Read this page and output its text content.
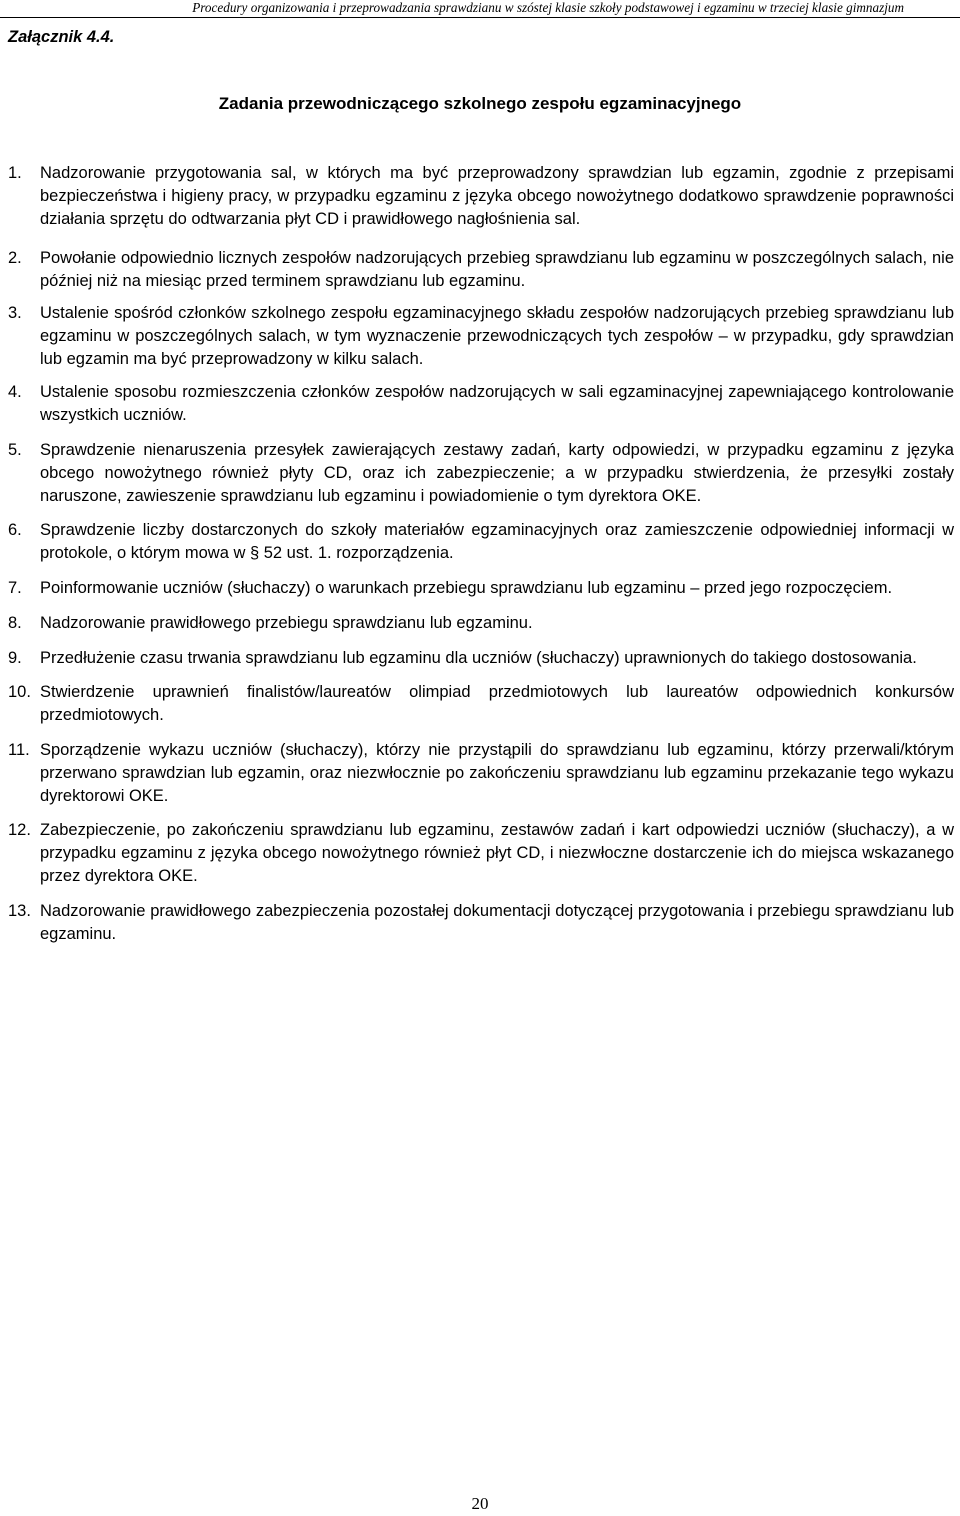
Procedury organizowania i przeprowadzania sprawdzianu w szóstej klasie szkoły podstawowej i egzaminu w trzeciej klasie gimnazjum
Załącznik 4.4.
Zadania przewodniczącego szkolnego zespołu egzaminacyjnego
1. Nadzorowanie przygotowania sal, w których ma być przeprowadzony sprawdzian lub egzamin, zgodnie z przepisami bezpieczeństwa i higieny pracy, w przypadku egzaminu z języka obcego nowożytnego dodatkowo sprawdzenie poprawności działania sprzętu do odtwarzania płyt CD i prawidłowego nagłośnienia sal.
2. Powołanie odpowiednio licznych zespołów nadzorujących przebieg sprawdzianu lub egzaminu w poszczególnych salach, nie później niż na miesiąc przed terminem sprawdzianu lub egzaminu.
3. Ustalenie spośród członków szkolnego zespołu egzaminacyjnego składu zespołów nadzorujących przebieg sprawdzianu lub egzaminu w poszczególnych salach, w tym wyznaczenie przewodniczących tych zespołów – w przypadku, gdy sprawdzian lub egzamin ma być przeprowadzony w kilku salach.
4. Ustalenie sposobu rozmieszczenia członków zespołów nadzorujących w sali egzaminacyjnej zapewniającego kontrolowanie wszystkich uczniów.
5. Sprawdzenie nienaruszenia przesyłek zawierających zestawy zadań, karty odpowiedzi, w przypadku egzaminu z języka obcego nowożytnego również płyty CD, oraz ich zabezpieczenie; a w przypadku stwierdzenia, że przesyłki zostały naruszone, zawieszenie sprawdzianu lub egzaminu i powiadomienie o tym dyrektora OKE.
6. Sprawdzenie liczby dostarczonych do szkoły materiałów egzaminacyjnych oraz zamieszczenie odpowiedniej informacji w protokole, o którym mowa w § 52 ust. 1. rozporządzenia.
7. Poinformowanie uczniów (słuchaczy) o warunkach przebiegu sprawdzianu lub egzaminu – przed jego rozpoczęciem.
8. Nadzorowanie prawidłowego przebiegu sprawdzianu lub egzaminu.
9. Przedłużenie czasu trwania sprawdzianu lub egzaminu dla uczniów (słuchaczy) uprawnionych do takiego dostosowania.
10. Stwierdzenie uprawnień finalistów/laureatów olimpiad przedmiotowych lub laureatów odpowiednich konkursów przedmiotowych.
11. Sporządzenie wykazu uczniów (słuchaczy), którzy nie przystąpili do sprawdzianu lub egzaminu, którzy przerwali/którym przerwano sprawdzian lub egzamin, oraz niezwłocznie po zakończeniu sprawdzianu lub egzaminu przekazanie tego wykazu dyrektorowi OKE.
12. Zabezpieczenie, po zakończeniu sprawdzianu lub egzaminu, zestawów zadań i kart odpowiedzi uczniów (słuchaczy), a w przypadku egzaminu z języka obcego nowożytnego również płyt CD, i niezwłoczne dostarczenie ich do miejsca wskazanego przez dyrektora OKE.
13. Nadzorowanie prawidłowego zabezpieczenia pozostałej dokumentacji dotyczącej przygotowania i przebiegu sprawdzianu lub egzaminu.
20
